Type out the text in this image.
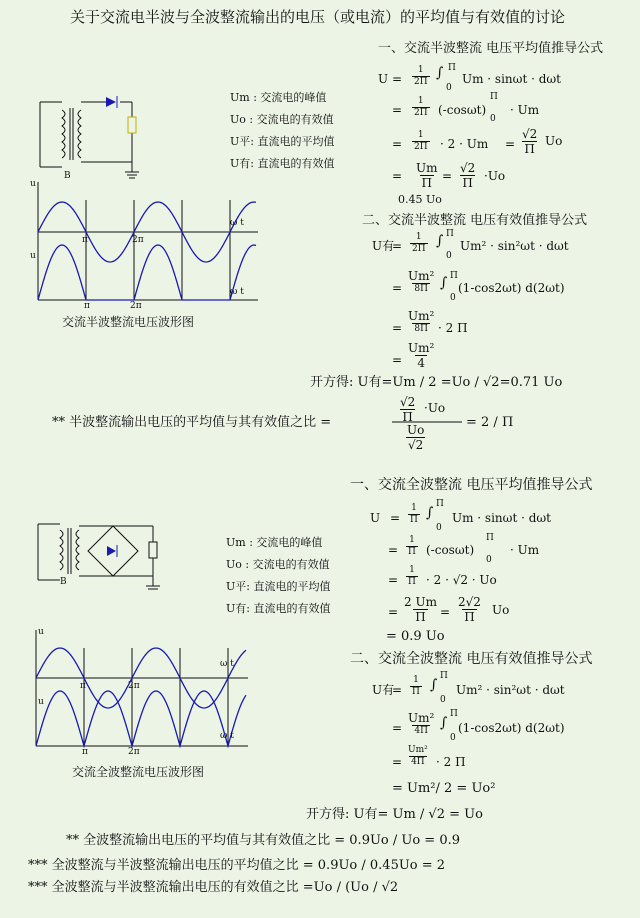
关于交流电半波与全波整流输出的电压（或电流）的平均值与有效值的讨论
一、交流半波整流 电压平均值推导公式
B
Um : 交流电的峰值
Uo : 交流电的有效值
U平: 直流电的平均值
U有: 直流电的有效值
u
u
ω t
ω t
π	2π
π	2π
交流半波整流电压波形图
U =
1
2Π
∫ Π
0
Um · sinωt · dωt
=
1
2Π (-cosωt)
Π
0
· Um
=
1
2Π · 2 · Um =
√2
Π
Uo
=
Um
Π =
√2
Π ·Uo
0.45 Uo
二、交流半波整流 电压有效值推导公式
U有
=
1
2Π ∫ Π
0
Um² · sin²ωt · dωt
=
Um²
8Π ∫ Π
0
(1-cos2ωt) d(2ωt)
=
Um²
8Π · 2 Π
=
Um²
4
开方得: U有=Um / 2 =Uo / √2=0.71 Uo
** 半波整流输出电压的平均值与其有效值之比 =
√2
Π
·Uo
Uo
√2
= 2 / Π
一、交流全波整流 电压平均值推导公式
B
Um : 交流电的峰值
Uo : 交流电的有效值
U平: 直流电的平均值
U有: 直流电的有效值
u
u
ω t
ω t
π	2π
π	2π
交流全波整流电压波形图
U =
1
Π ∫
Π
0
Um · sinωt · dωt
=
1
Π (-cosωt)
Π
0
· Um
=
1
Π · 2 · √2 · Uo
=
2 Um
Π =
2√2
Π Uo
= 0.9 Uo
二、交流全波整流 电压有效值推导公式
U有
=
1
Π ∫
Π
0
Um² · sin²ωt · dωt
=
Um²
4Π ∫
Π
0
(1-cos2ωt) d(2ωt)
=
Um²
4Π · 2 Π
= Um²/ 2 = Uo²
开方得: U有= Um / √2 = Uo
** 全波整流输出电压的平均值与其有效值之比 = 0.9Uo / Uo = 0.9
*** 全波整流与半波整流输出电压的平均值之比 = 0.9Uo / 0.45Uo = 2
*** 全波整流与半波整流输出电压的有效值之比 =Uo / (Uo / √2
